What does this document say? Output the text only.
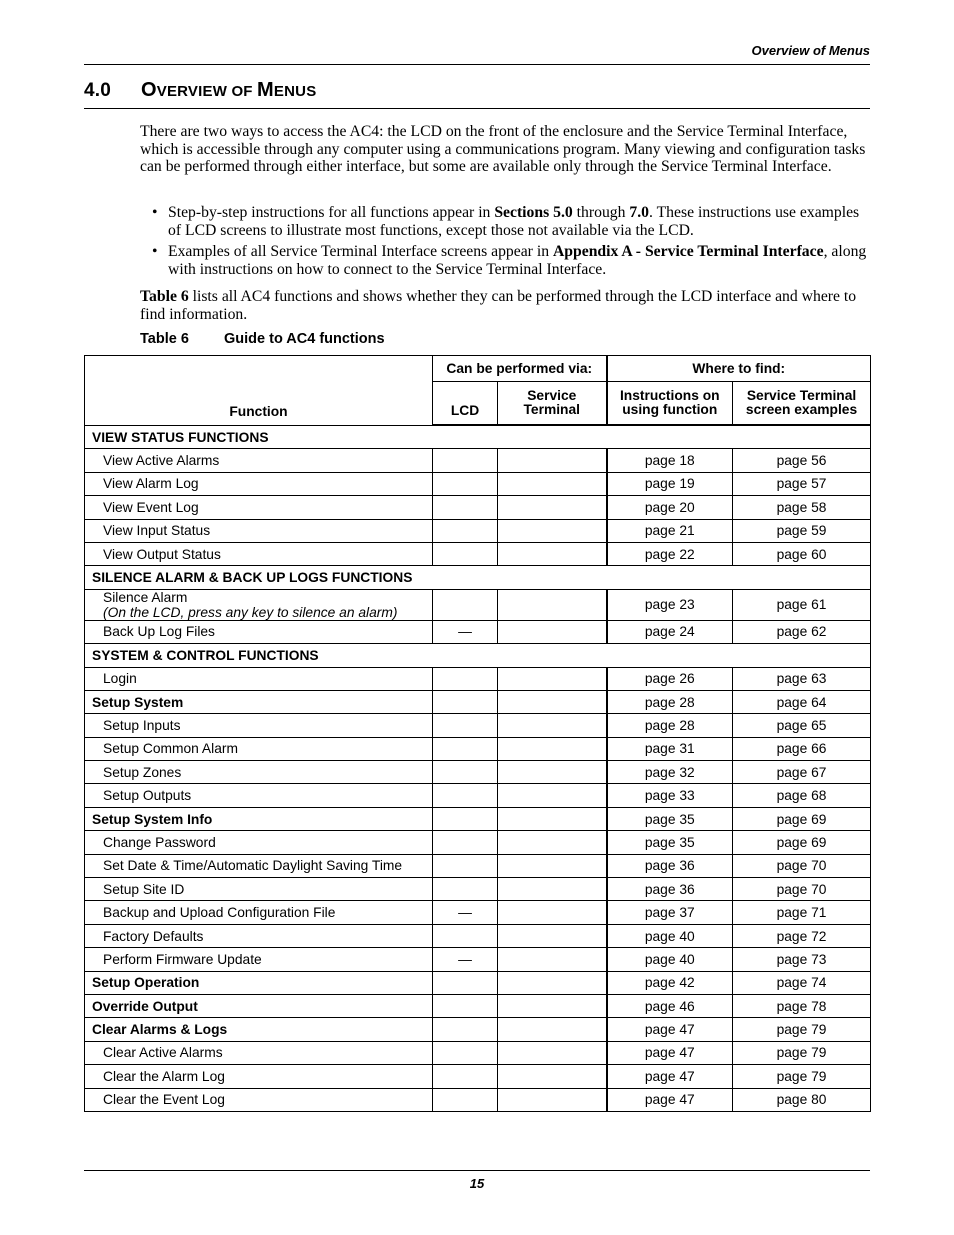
Overview of Menus
4.0 OVERVIEW OF MENUS

There are two ways to access the AC4: the LCD on the front of the enclosure and the Service Terminal Interface, which is accessible through any computer using a communications program. Many viewing and configuration tasks can be performed through either interface, but some are available only through the Service Terminal Interface.

• Step-by-step instructions for all functions appear in Sections 5.0 through 7.0. These instructions use examples of LCD screens to illustrate most functions, except those not available via the LCD.
• Examples of all Service Terminal Interface screens appear in Appendix A - Service Terminal Interface, along with instructions on how to connect to the Service Terminal Interface.

Table 6 lists all AC4 functions and shows whether they can be performed through the LCD interface and where to find information.

Table 6 Guide to AC4 functions
Function	Can be performed via:		Where to find:	
	LCD	Service Terminal	Instructions on using function	Service Terminal screen examples
VIEW STATUS FUNCTIONS				
View Active Alarms			page 18	page 56
View Alarm Log			page 19	page 57
View Event Log			page 20	page 58
View Input Status			page 21	page 59
View Output Status			page 22	page 60
SILENCE ALARM & BACK UP LOGS FUNCTIONS				
Silence Alarm
(On the LCD, press any key to silence an alarm)			page 23	page 61
Back Up Log Files	—		page 24	page 62
SYSTEM & CONTROL FUNCTIONS				
Login			page 26	page 63
Setup System			page 28	page 64
Setup Inputs			page 28	page 65
Setup Common Alarm			page 31	page 66
Setup Zones			page 32	page 67
Setup Outputs			page 33	page 68
Setup System Info			page 35	page 69
Change Password			page 35	page 69
Set Date & Time/Automatic Daylight Saving Time			page 36	page 70
Setup Site ID			page 36	page 70
Backup and Upload Configuration File	—		page 37	page 71
Factory Defaults			page 40	page 72
Perform Firmware Update	—		page 40	page 73
Setup Operation			page 42	page 74
Override Output			page 46	page 78
Clear Alarms & Logs			page 47	page 79
Clear Active Alarms			page 47	page 79
Clear the Alarm Log			page 47	page 79
Clear the Event Log			page 47	page 80
15
